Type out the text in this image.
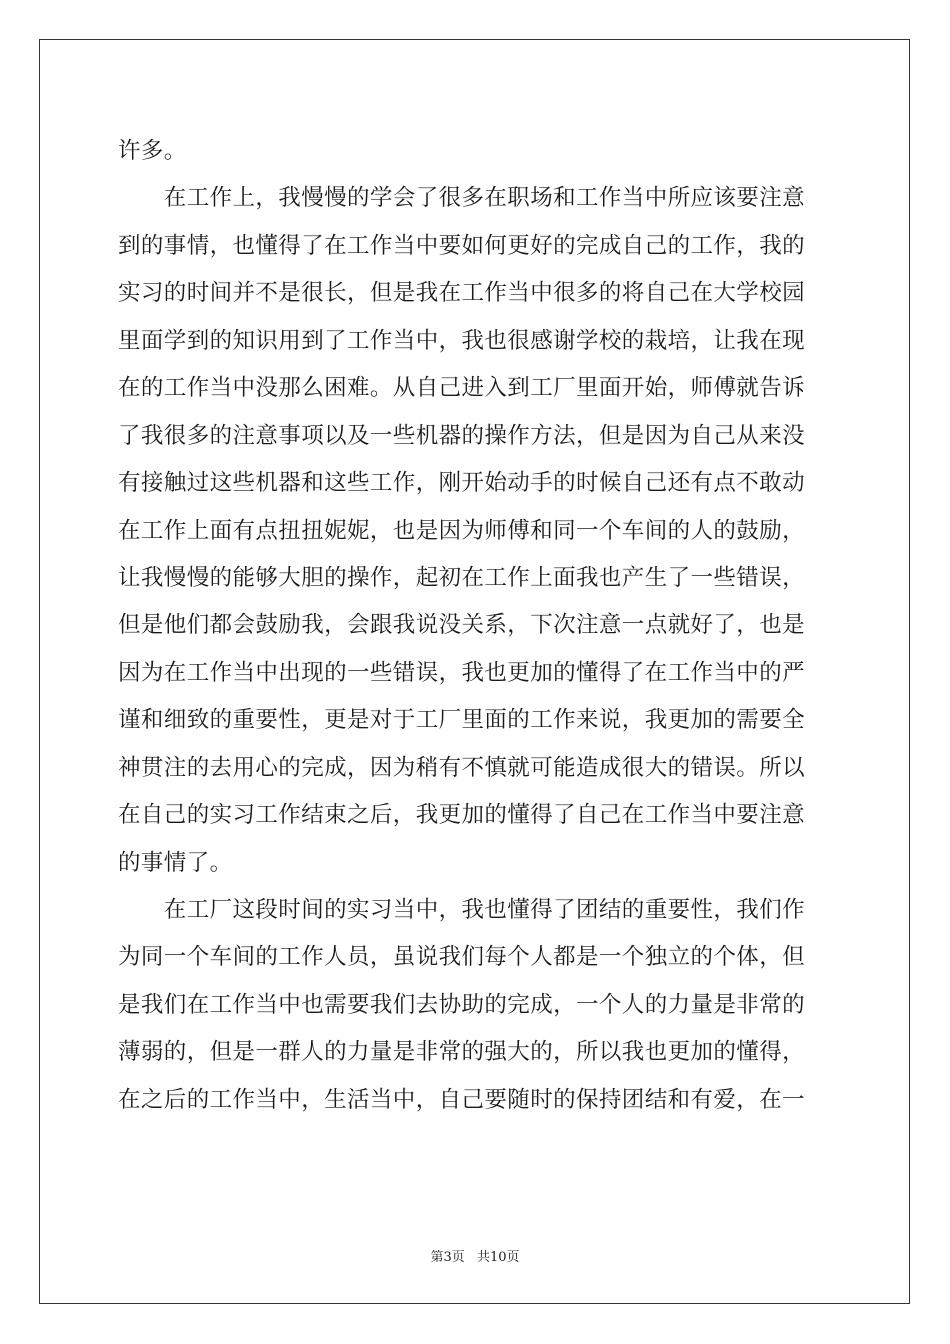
许多。
　　在工作上，我慢慢的学会了很多在职场和工作当中所应该要注意
到的事情，也懂得了在工作当中要如何更好的完成自己的工作，我的
实习的时间并不是很长，但是我在工作当中很多的将自己在大学校园
里面学到的知识用到了工作当中，我也很感谢学校的栽培，让我在现
在的工作当中没那么困难。从自己进入到工厂里面开始，师傅就告诉
了我很多的注意事项以及一些机器的操作方法，但是因为自己从来没
有接触过这些机器和这些工作，刚开始动手的时候自己还有点不敢动
在工作上面有点扭扭妮妮，也是因为师傅和同一个车间的人的鼓励，
让我慢慢的能够大胆的操作，起初在工作上面我也产生了一些错误，
但是他们都会鼓励我，会跟我说没关系，下次注意一点就好了，也是
因为在工作当中出现的一些错误，我也更加的懂得了在工作当中的严
谨和细致的重要性，更是对于工厂里面的工作来说，我更加的需要全
神贯注的去用心的完成，因为稍有不慎就可能造成很大的错误。所以
在自己的实习工作结束之后，我更加的懂得了自己在工作当中要注意
的事情了。
　　在工厂这段时间的实习当中，我也懂得了团结的重要性，我们作
为同一个车间的工作人员，虽说我们每个人都是一个独立的个体，但
是我们在工作当中也需要我们去协助的完成，一个人的力量是非常的
薄弱的，但是一群人的力量是非常的强大的，所以我也更加的懂得，
在之后的工作当中，生活当中，自己要随时的保持团结和有爱，在一
第3页 共10页
